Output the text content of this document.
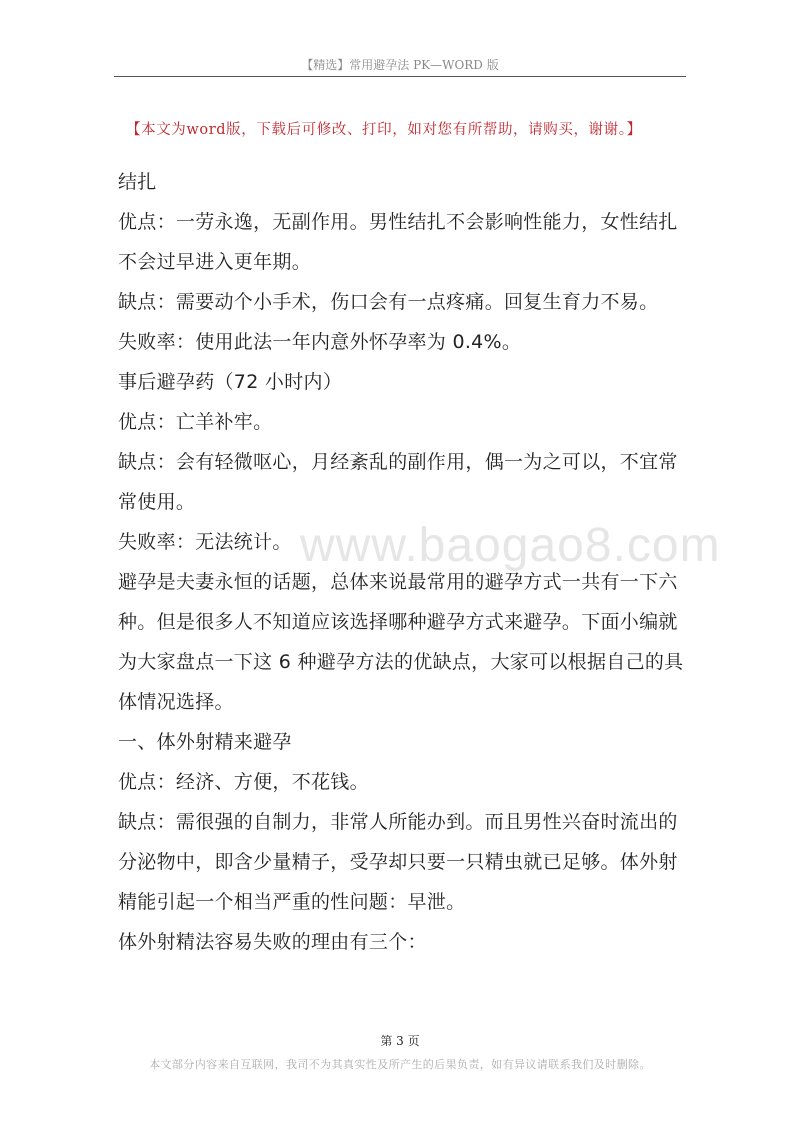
【精选】常用避孕法 PK—WORD 版
【本文为word版，下载后可修改、打印，如对您有所帮助，请购买，谢谢。】
www.baogao8.com

结扎

优点：一劳永逸，无副作用。男性结扎不会影响性能力，女性结扎不会过早进入更年期。

缺点：需要动个小手术，伤口会有一点疼痛。回复生育力不易。

失败率：使用此法一年内意外怀孕率为 0.4%。

事后避孕药（72 小时内）

优点：亡羊补牢。

缺点：会有轻微呕心，月经紊乱的副作用，偶一为之可以，不宜常常使用。

失败率：无法统计。

避孕是夫妻永恒的话题，总体来说最常用的避孕方式一共有一下六种。但是很多人不知道应该选择哪种避孕方式来避孕。下面小编就为大家盘点一下这 6 种避孕方法的优缺点，大家可以根据自己的具体情况选择。

一、体外射精来避孕

优点：经济、方便，不花钱。

缺点：需很强的自制力，非常人所能办到。而且男性兴奋时流出的分泌物中，即含少量精子，受孕却只要一只精虫就已足够。体外射精能引起一个相当严重的性问题：早泄。

体外射精法容易失败的理由有三个：

第 3 页
本文部分内容来自互联网，我司不为其真实性及所产生的后果负责，如有异议请联系我们及时删除。
